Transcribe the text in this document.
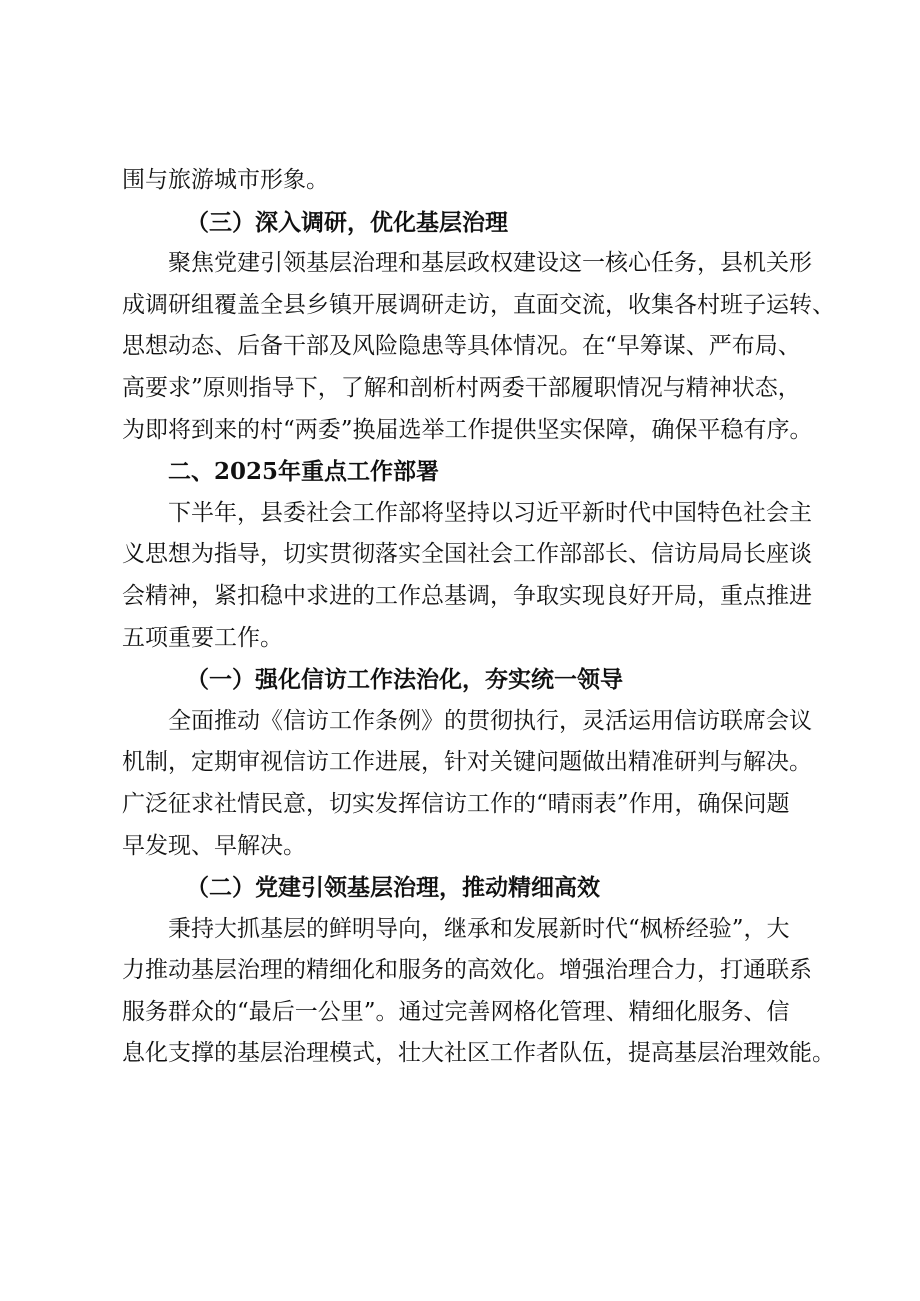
围与旅游城市形象。
（三）深入调研，优化基层治理
聚焦党建引领基层治理和基层政权建设这一核心任务，县机关形
成调研组覆盖全县乡镇开展调研走访，直面交流，收集各村班子运转、
思想动态、后备干部及风险隐患等具体情况。在“早筹谋、严布局、
高要求”原则指导下，了解和剖析村两委干部履职情况与精神状态，
为即将到来的村“两委”换届选举工作提供坚实保障，确保平稳有序。
二、2025年重点工作部署
下半年，县委社会工作部将坚持以习近平新时代中国特色社会主
义思想为指导，切实贯彻落实全国社会工作部部长、信访局局长座谈
会精神，紧扣稳中求进的工作总基调，争取实现良好开局，重点推进
五项重要工作。
（一）强化信访工作法治化，夯实统一领导
全面推动《信访工作条例》的贯彻执行，灵活运用信访联席会议
机制，定期审视信访工作进展，针对关键问题做出精准研判与解决。
广泛征求社情民意，切实发挥信访工作的“晴雨表”作用，确保问题
早发现、早解决。
（二）党建引领基层治理，推动精细高效
秉持大抓基层的鲜明导向，继承和发展新时代“枫桥经验”，大
力推动基层治理的精细化和服务的高效化。增强治理合力，打通联系
服务群众的“最后一公里”。通过完善网格化管理、精细化服务、信
息化支撑的基层治理模式，壮大社区工作者队伍，提高基层治理效能。
